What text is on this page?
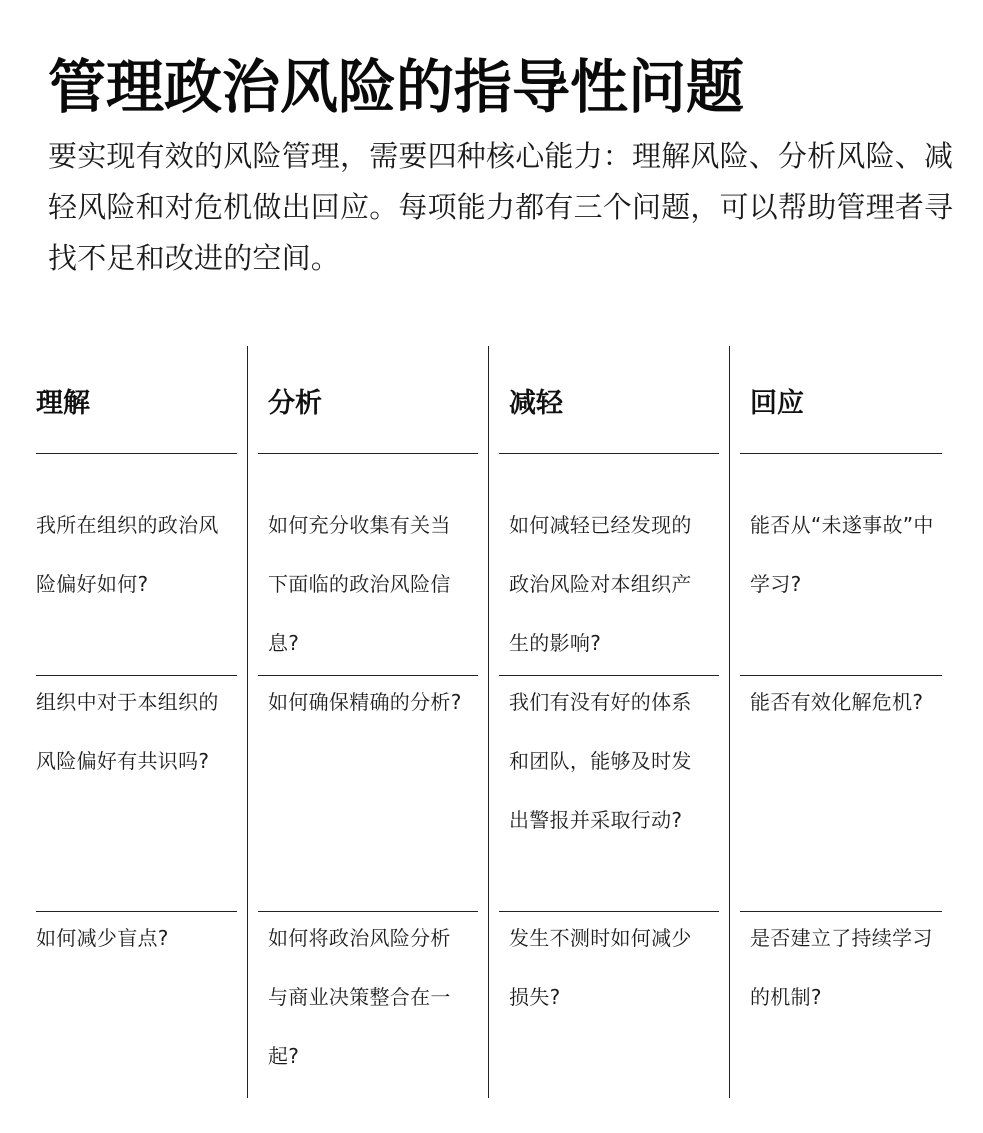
管理政治风险的指导性问题

要实现有效的风险管理，需要四种核心能力：理解风险、分析风险、减轻风险和对危机做出回应。每项能力都有三个问题，可以帮助管理者寻找不足和改进的空间。

理解
我所在组织的政治风险偏好如何?
组织中对于本组织的风险偏好有共识吗?
如何减少盲点?
分析
如何充分收集有关当下面临的政治风险信息?
如何确保精确的分析?
如何将政治风险分析与商业决策整合在一起?
减轻
如何减轻已经发现的政治风险对本组织产生的影响?
我们有没有好的体系和团队，能够及时发出警报并采取行动?
发生不测时如何减少损失?
回应
能否从“未遂事故”中学习?
能否有效化解危机?
是否建立了持续学习的机制?
